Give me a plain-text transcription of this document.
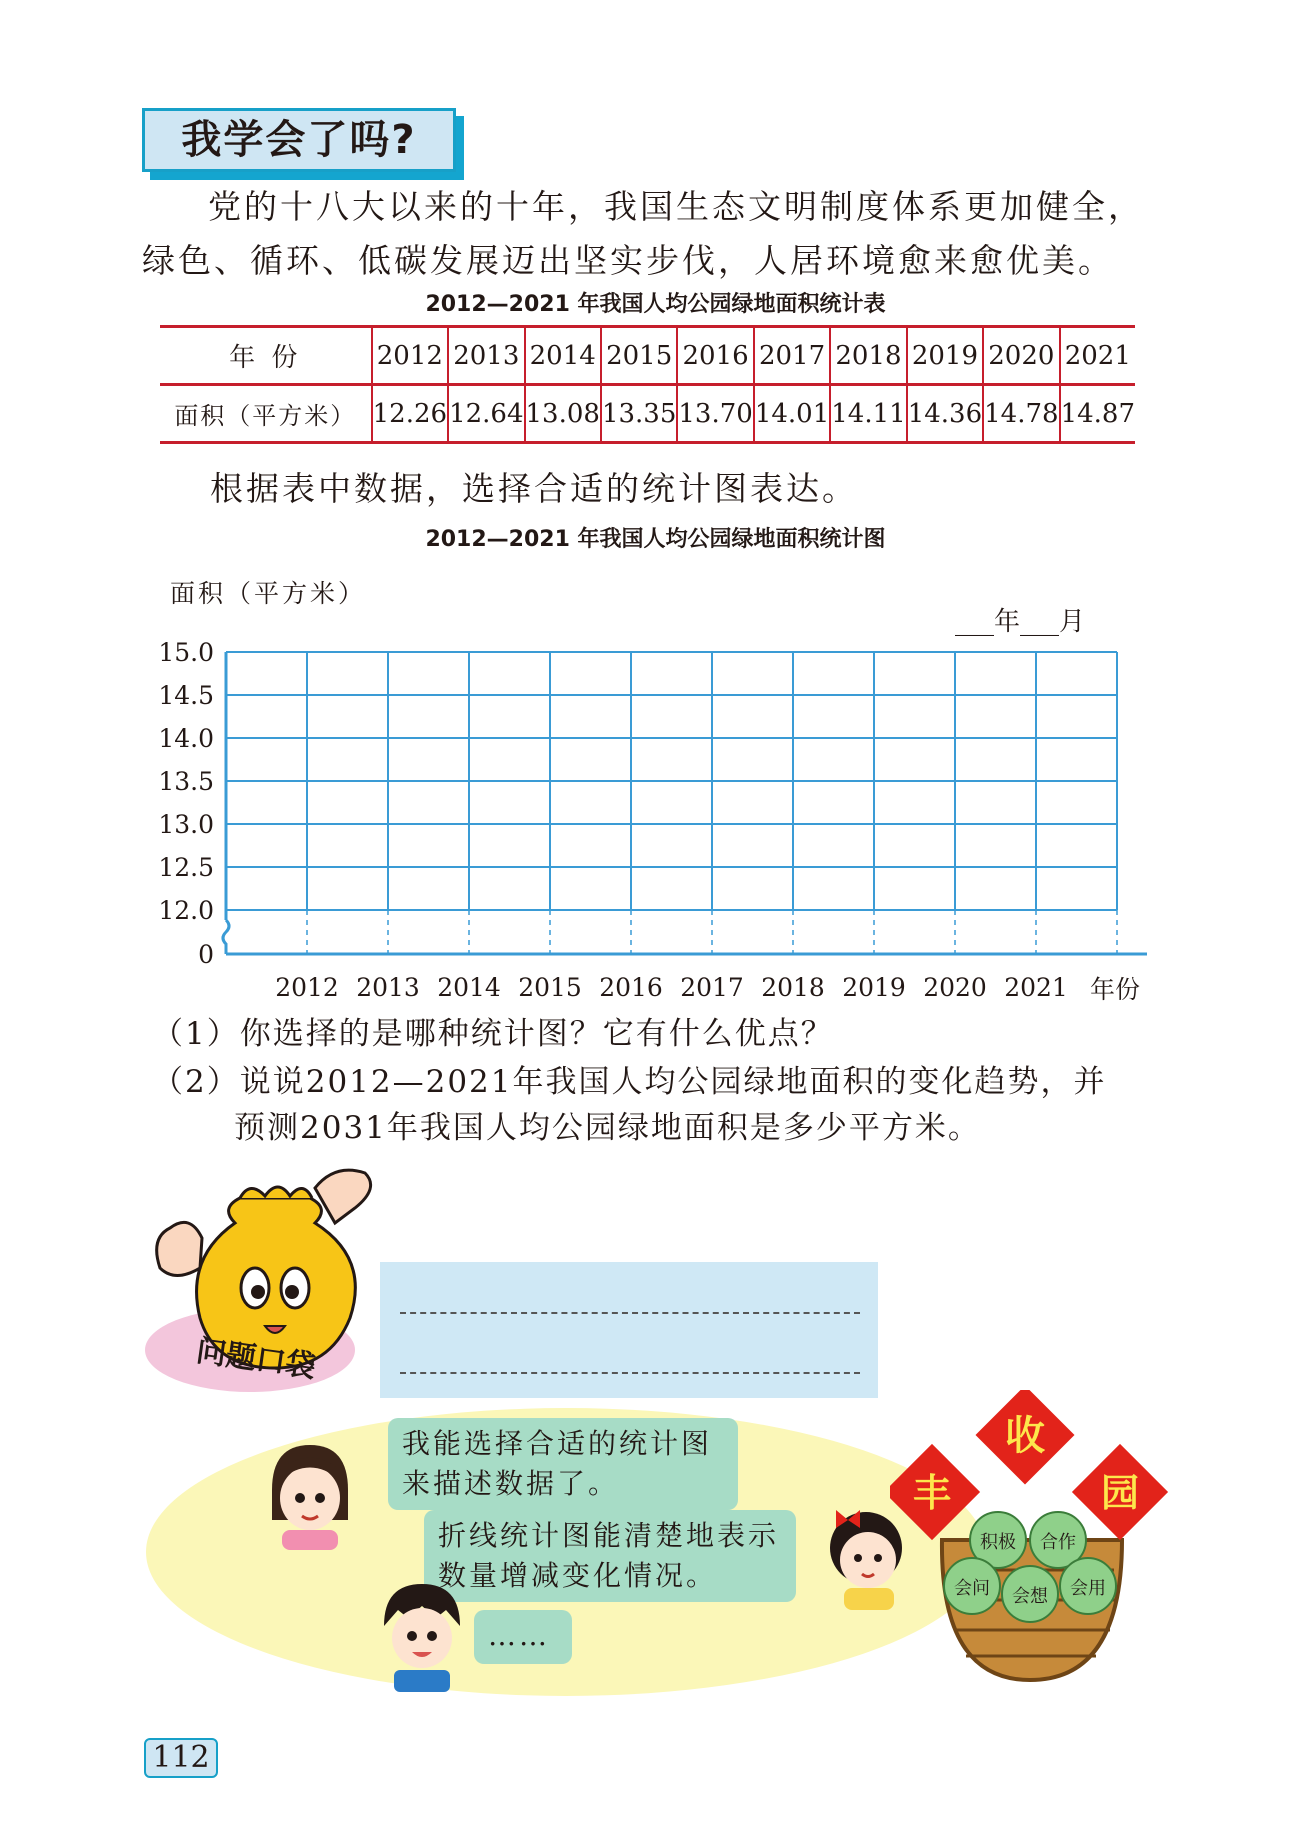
我学会了吗?
党的十八大以来的十年，我国生态文明制度体系更加健全，
绿色、循环、低碳发展迈出坚实步伐，人居环境愈来愈优美。
2012—2021 年我国人均公园绿地面积统计表
年 份	2012	2013	2014	2015	2016	2017	2018	2019	2020	2021
面积（平方米）	12.26	12.64	13.08	13.35	13.70	14.01	14.11	14.36	14.78	14.87
根据表中数据，选择合适的统计图表达。
2012—2021 年我国人均公园绿地面积统计图
面积（平方米）
___年___月
15.0
14.5
14.0
13.5
13.0
12.5
12.0
0
2012 2013 2014 2015 2016 2017 2018 2019 2020 2021 年份
（1）你选择的是哪种统计图？它有什么优点？
（2）说说2012—2021年我国人均公园绿地面积的变化趋势，并
预测2031年我国人均公园绿地面积是多少平方米。
问题口袋
我能选择合适的统计图
来描述数据了。
折线统计图能清楚地表示
数量增减变化情况。
……
积极 合作
会问 会想 会用
丰
收
园
112
